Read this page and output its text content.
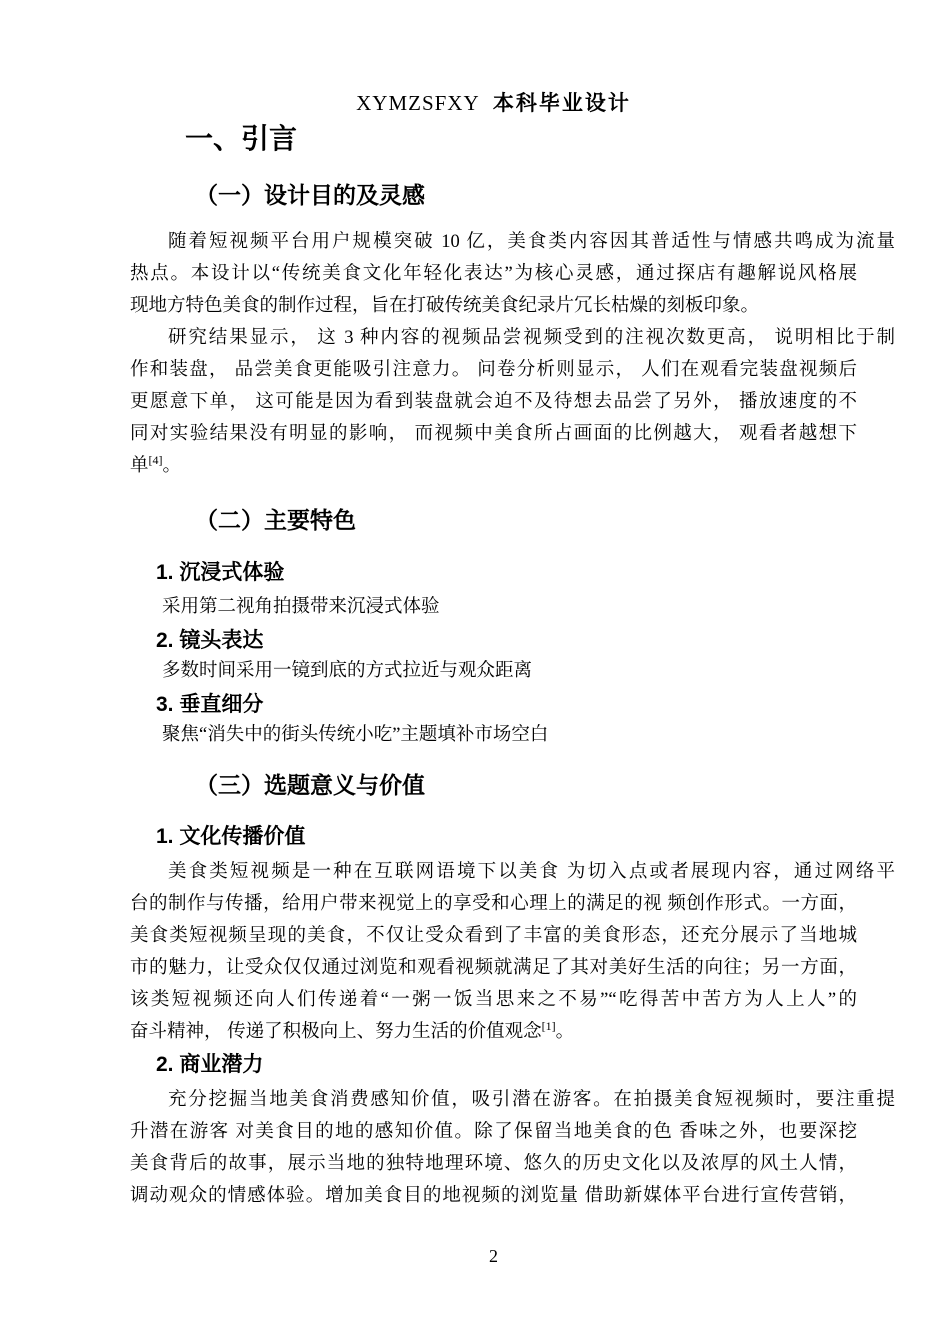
XYMZSFXY 本科毕业设计
一、引言
（一）设计目的及灵感
随着短视频平台用户规模突破 10 亿，美食类内容因其普适性与情感共鸣成为流量
热点。本设计以“传统美食文化年轻化表达”为核心灵感，通过探店有趣解说风格展
现地方特色美食的制作过程，旨在打破传统美食纪录片冗长枯燥的刻板印象。
研究结果显示， 这 3 种内容的视频品尝视频受到的注视次数更高， 说明相比于制
作和装盘， 品尝美食更能吸引注意力。 问卷分析则显示， 人们在观看完装盘视频后
更愿意下单， 这可能是因为看到装盘就会迫不及待想去品尝了另外， 播放速度的不
同对实验结果没有明显的影响， 而视频中美食所占画面的比例越大， 观看者越想下
单[4]。
（二）主要特色
1. 沉浸式体验
采用第二视角拍摄带来沉浸式体验
2. 镜头表达
多数时间采用一镜到底的方式拉近与观众距离
3. 垂直细分
聚焦“消失中的街头传统小吃”主题填补市场空白
（三）选题意义与价值
1. 文化传播价值
美食类短视频是一种在互联网语境下以美食 为切入点或者展现内容，通过网络平
台的制作与传播，给用户带来视觉上的享受和心理上的满足的视 频创作形式。一方面，
美食类短视频呈现的美食，不仅让受众看到了丰富的美食形态，还充分展示了当地城
市的魅力，让受众仅仅通过浏览和观看视频就满足了其对美好生活的向往；另一方面，
该类短视频还向人们传递着“一粥一饭当思来之不易”“吃得苦中苦方为人上人”的
奋斗精神， 传递了积极向上、努力生活的价值观念[1]。
2. 商业潜力
充分挖掘当地美食消费感知价值，吸引潜在游客。在拍摄美食短视频时，要注重提
升潜在游客 对美食目的地的感知价值。除了保留当地美食的色 香味之外，也要深挖
美食背后的故事，展示当地的独特地理环境、悠久的历史文化以及浓厚的风土人情，
调动观众的情感体验。增加美食目的地视频的浏览量 借助新媒体平台进行宣传营销，
2
